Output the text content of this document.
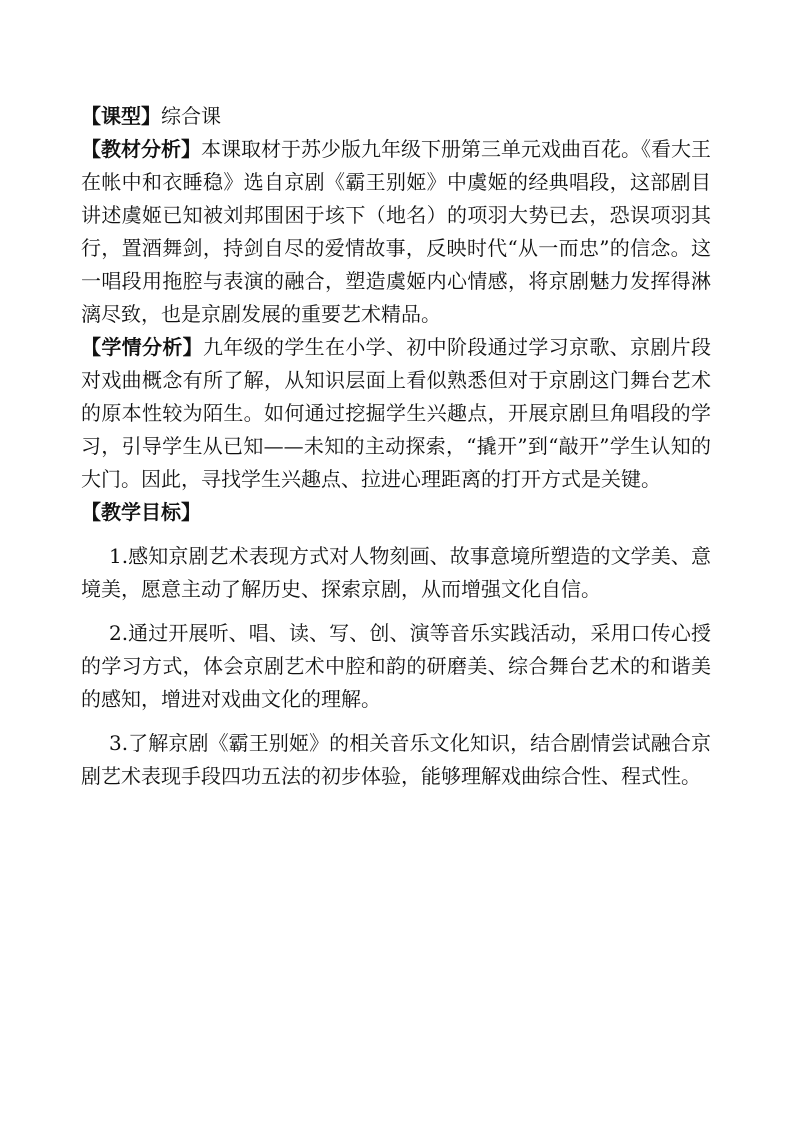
【课型】综合课

【教材分析】本课取材于苏少版九年级下册第三单元戏曲百花。《看大王在帐中和衣睡稳》选自京剧《霸王别姬》中虞姬的经典唱段，这部剧目讲述虞姬已知被刘邦围困于垓下（地名）的项羽大势已去，恐误项羽其行，置酒舞剑，持剑自尽的爱情故事，反映时代“从一而忠”的信念。这一唱段用拖腔与表演的融合，塑造虞姬内心情感，将京剧魅力发挥得淋漓尽致，也是京剧发展的重要艺术精品。

【学情分析】九年级的学生在小学、初中阶段通过学习京歌、京剧片段对戏曲概念有所了解，从知识层面上看似熟悉但对于京剧这门舞台艺术的原本性较为陌生。如何通过挖掘学生兴趣点，开展京剧旦角唱段的学习，引导学生从已知——未知的主动探索，“撬开”到“敲开”学生认知的大门。因此，寻找学生兴趣点、拉进心理距离的打开方式是关键。

【教学目标】

1.感知京剧艺术表现方式对人物刻画、故事意境所塑造的文学美、意境美，愿意主动了解历史、探索京剧，从而增强文化自信。

2.通过开展听、唱、读、写、创、演等音乐实践活动，采用口传心授的学习方式，体会京剧艺术中腔和韵的研磨美、综合舞台艺术的和谐美的感知，增进对戏曲文化的理解。

3.了解京剧《霸王别姬》的相关音乐文化知识，结合剧情尝试融合京剧艺术表现手段四功五法的初步体验，能够理解戏曲综合性、程式性。
